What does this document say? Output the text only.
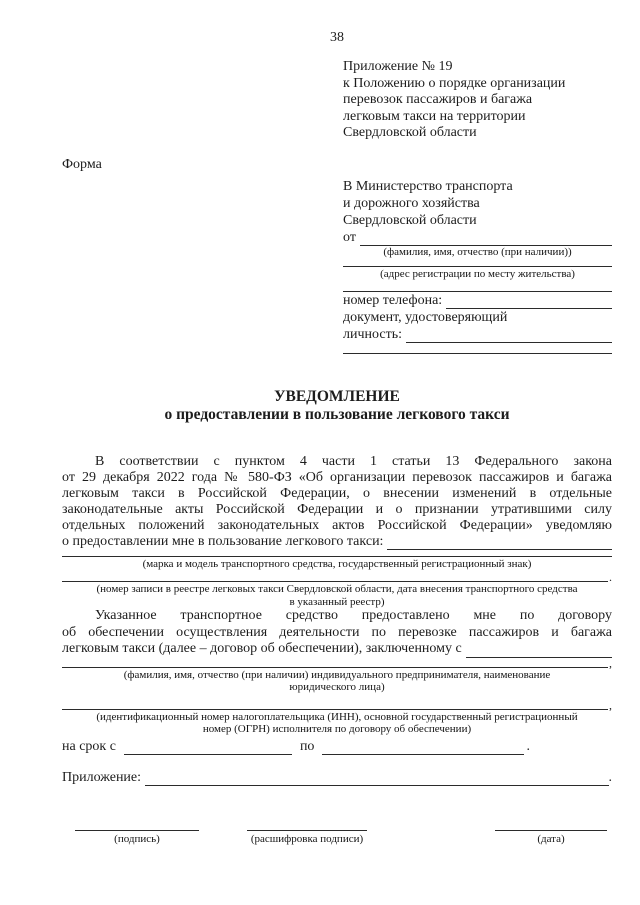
38
Приложение № 19
к Положению о порядке организации
перевозок пассажиров и багажа
легковым такси на территории
Свердловской области
Форма
В Министерство транспорта
и дорожного хозяйства
Свердловской области
от
(фамилия, имя, отчество (при наличии))
(адрес регистрации по месту жительства)
номер телефона:
документ, удостоверяющий
личность:
УВЕДОМЛЕНИЕ
о предоставлении в пользование легкового такси
В соответствии с пунктом 4 части 1 статьи 13 Федерального закона
от 29 декабря 2022 года № 580-ФЗ «Об организации перевозок пассажиров и багажа
легковым такси в Российской Федерации, о внесении изменений в отдельные
законодательные акты Российской Федерации и о признании утратившими силу
отдельных положений законодательных актов Российской Федерации» уведомляю
о предоставлении мне в пользование легкового такси:
(марка и модель транспортного средства, государственный регистрационный знак)
.
(номер записи в реестре легковых такси Свердловской области, дата внесения транспортного средства
в указанный реестр)
Указанное транспортное средство предоставлено мне по договору
об обеспечении осуществления деятельности по перевозке пассажиров и багажа
легковым такси (далее – договор об обеспечении), заключенному с
,
(фамилия, имя, отчество (при наличии) индивидуального предпринимателя, наименование
юридического лица)
,
(идентификационный номер налогоплательщика (ИНН), основной государственный регистрационный
номер (ОГРН) исполнителя по договору об обеспечении)
на срок с	по	.
Приложение:	.
(подпись)	(расшифровка подписи)	(дата)
